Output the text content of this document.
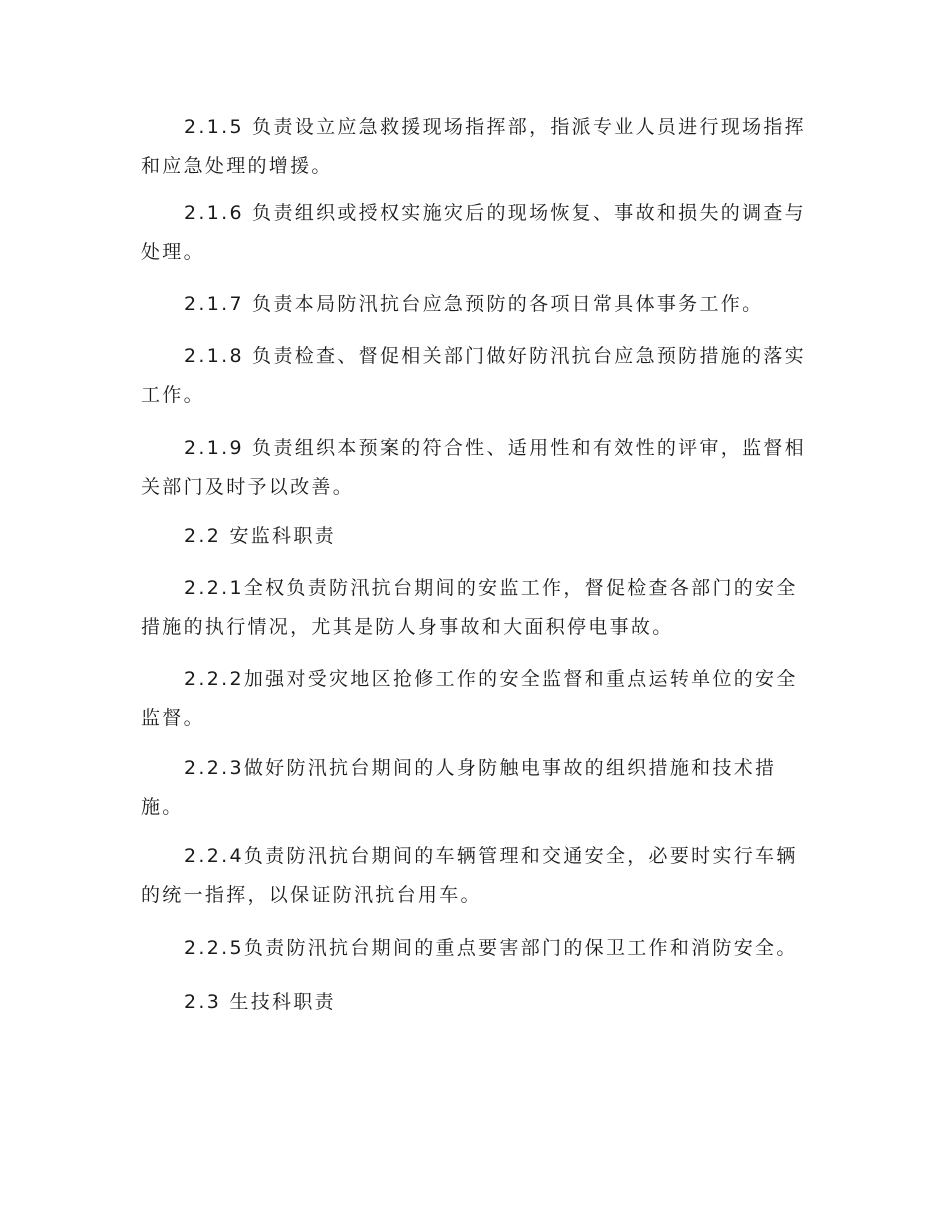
2.1.5 负责设立应急救援现场指挥部，指派专业人员进行现场指挥和应急处理的增援。

2.1.6 负责组织或授权实施灾后的现场恢复、事故和损失的调查与处理。

2.1.7 负责本局防汛抗台应急预防的各项日常具体事务工作。

2.1.8 负责检查、督促相关部门做好防汛抗台应急预防措施的落实工作。

2.1.9 负责组织本预案的符合性、适用性和有效性的评审，监督相关部门及时予以改善。

2.2 安监科职责

2.2.1全权负责防汛抗台期间的安监工作，督促检查各部门的安全措施的执行情况，尤其是防人身事故和大面积停电事故。

2.2.2加强对受灾地区抢修工作的安全监督和重点运转单位的安全监督。

2.2.3做好防汛抗台期间的人身防触电事故的组织措施和技术措施。

2.2.4负责防汛抗台期间的车辆管理和交通安全，必要时实行车辆的统一指挥，以保证防汛抗台用车。

2.2.5负责防汛抗台期间的重点要害部门的保卫工作和消防安全。

2.3 生技科职责
